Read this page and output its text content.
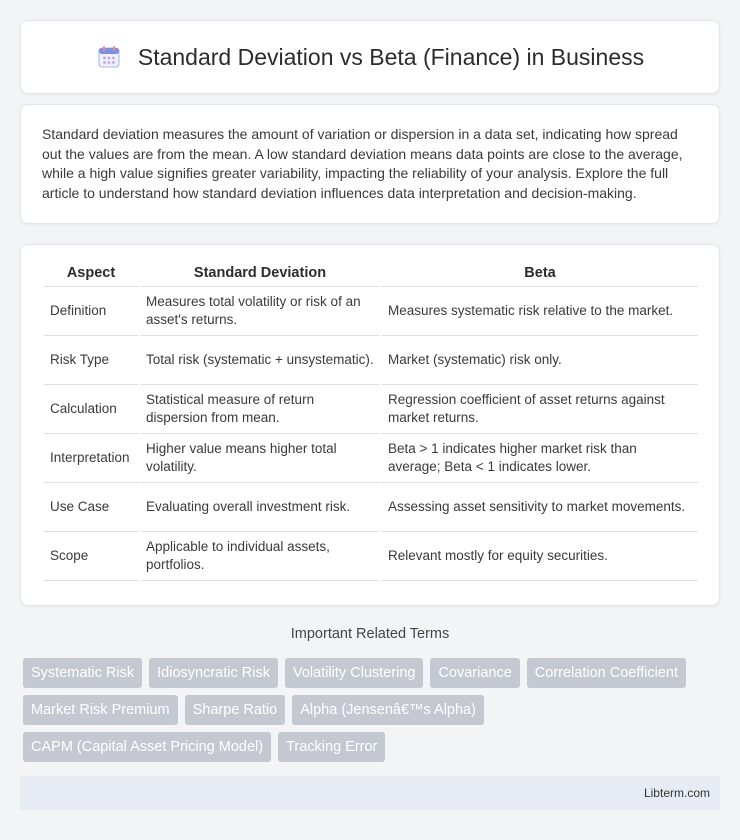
Standard Deviation vs Beta (Finance) in Business

Standard deviation measures the amount of variation or dispersion in a data set, indicating how spread out the values are from the mean. A low standard deviation means data points are close to the average, while a high value signifies greater variability, impacting the reliability of your analysis. Explore the full article to understand how standard deviation influences data interpretation and decision-making.

Aspect	Standard Deviation	Beta
Definition	Measures total volatility or risk of an asset's returns.	Measures systematic risk relative to the market.
Risk Type	Total risk (systematic + unsystematic).	Market (systematic) risk only.
Calculation	Statistical measure of return dispersion from mean.	Regression coefficient of asset returns against market returns.
Interpretation	Higher value means higher total volatility.	Beta > 1 indicates higher market risk than average; Beta < 1 indicates lower.
Use Case	Evaluating overall investment risk.	Assessing asset sensitivity to market movements.
Scope	Applicable to individual assets, portfolios.	Relevant mostly for equity securities.
Important Related Terms
Systematic Risk	Idiosyncratic Risk	Volatility Clustering	Covariance	Correlation Coefficient
Market Risk Premium	Sharpe Ratio	Alpha (Jensenâ€™s Alpha)
CAPM (Capital Asset Pricing Model)	Tracking Error
Libterm.com
